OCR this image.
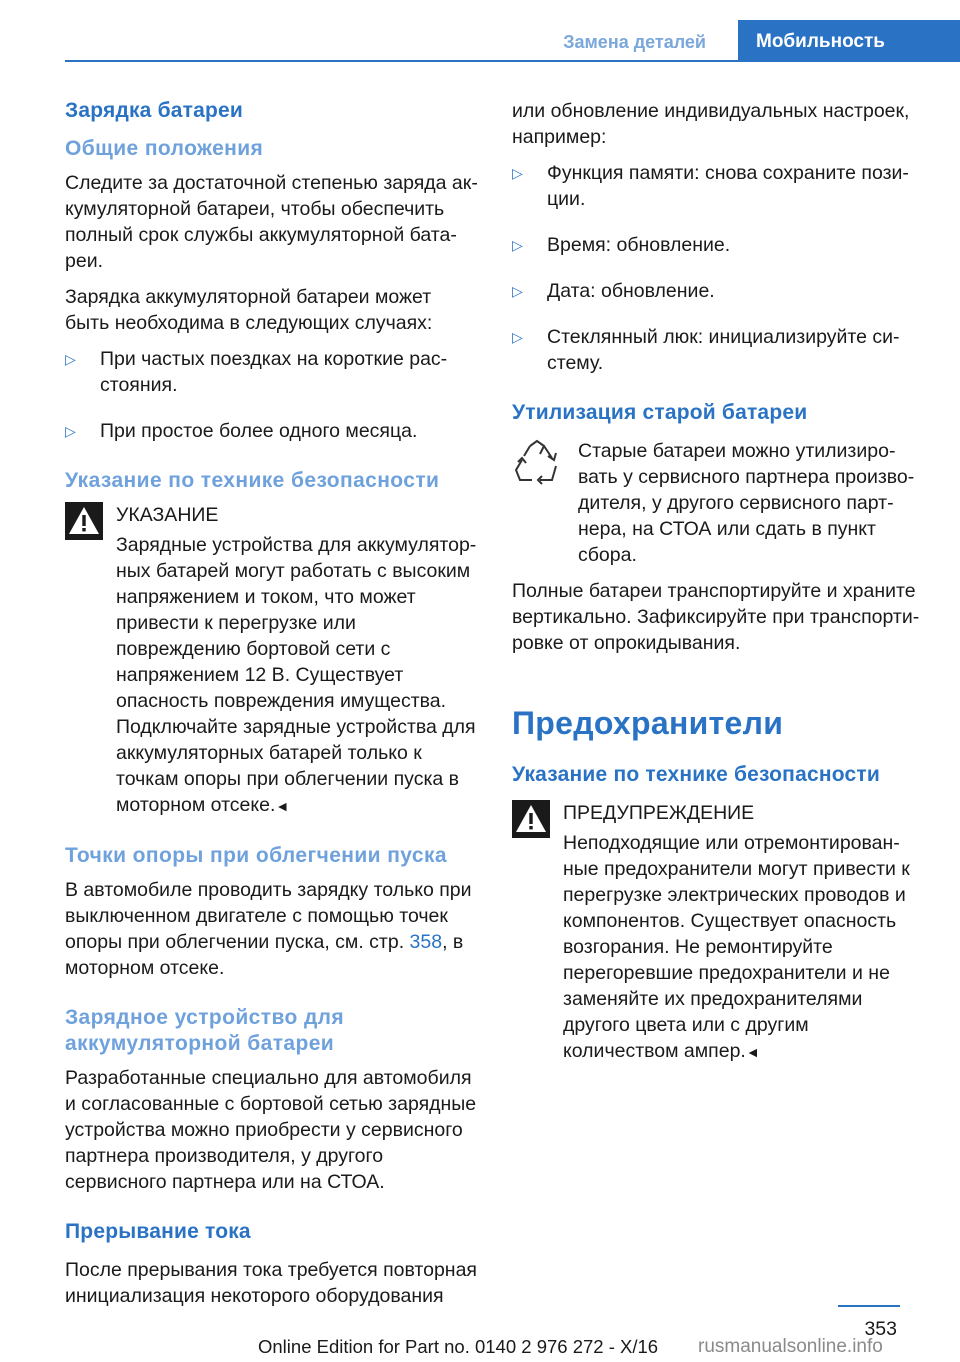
Замена деталей	Мобильность
Зарядка батареи
Общие положения

Следите за достаточной степенью заряда аккумуляторной батареи, чтобы обеспечить полный срок службы аккумуляторной батареи.

Зарядка аккумуляторной батареи может быть необходима в следующих случаях:

▷ При частых поездках на короткие расстояния.
▷ При простое более одного месяца.
Указание по технике безопасности

УКАЗАНИЕ

Зарядные устройства для аккумуляторных батарей могут работать с высоким напряжением и током, что может привести к перегрузке или повреждению бортовой сети с напряжением 12 В. Существует опасность повреждения имущества. Подключайте зарядные устройства для аккумуляторных батарей только к точкам опоры при облегчении пуска в моторном отсеке.◄

Точки опоры при облегчении пуска

В автомобиле проводить зарядку только при выключенном двигателе с помощью точек опоры при облегчении пуска, см. стр. 358, в моторном отсеке.

Зарядное устройство для аккумуляторной батареи

Разработанные специально для автомобиля и согласованные с бортовой сетью зарядные устройства можно приобрести у сервисного партнера производителя, у другого сервисного партнера или на СТОА.

Прерывание тока

После прерывания тока требуется повторная инициализация некоторого оборудования

или обновление индивидуальных настроек, например:

▷ Функция памяти: снова сохраните позиции.
▷ Время: обновление.
▷ Дата: обновление.
▷ Стеклянный люк: инициализируйте систему.
Утилизация старой батареи

Старые батареи можно утилизировать у сервисного партнера производителя, у другого сервисного партнера, на СТОА или сдать в пункт сбора.

Полные батареи транспортируйте и храните вертикально. Зафиксируйте при транспортировке от опрокидывания.

Предохранители
Указание по технике безопасности

ПРЕДУПРЕЖДЕНИЕ

Неподходящие или отремонтированные предохранители могут привести к перегрузке электрических проводов и компонентов. Существует опасность возгорания. Не ремонтируйте перегоревшие предохранители и не заменяйте их предохранителями другого цвета или с другим количеством ампер.◄

353
Online Edition for Part no. 0140 2 976 272 - X/16 rusmanualsonline.info
